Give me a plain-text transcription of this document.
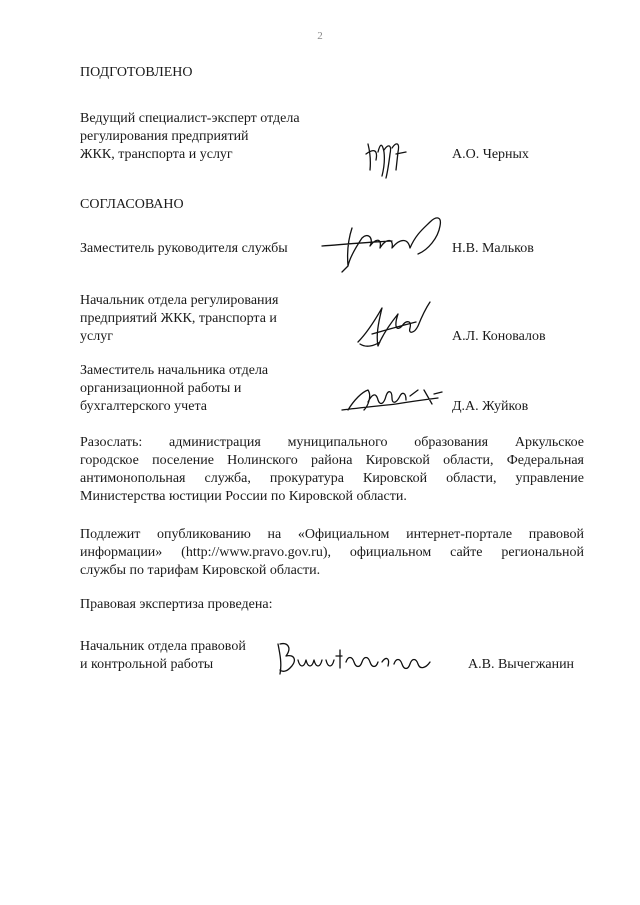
2
ПОДГОТОВЛЕНО
Ведущий специалист-эксперт отдела
регулирования предприятий
ЖКК, транспорта и услуг	А.О. Черных
СОГЛАСОВАНО
Заместитель руководителя службы	Н.В. Мальков
Начальник отдела регулирования
предприятий ЖКК, транспорта и
услуг	А.Л. Коновалов
Заместитель начальника отдела
организационной работы и
бухгалтерского учета	Д.А. Жуйков
Разослать: администрация муниципального образования Аркульское
городское поселение Нолинского района Кировской области, Федеральная
антимонопольная служба, прокуратура Кировской области, управление
Министерства юстиции России по Кировской области.
Подлежит опубликованию на «Официальном интернет-портале правовой
информации» (http://www.pravo.gov.ru), официальном сайте региональной
службы по тарифам Кировской области.
Правовая экспертиза проведена:
Начальник отдела правовой
и контрольной работы	А.В. Вычегжанин
